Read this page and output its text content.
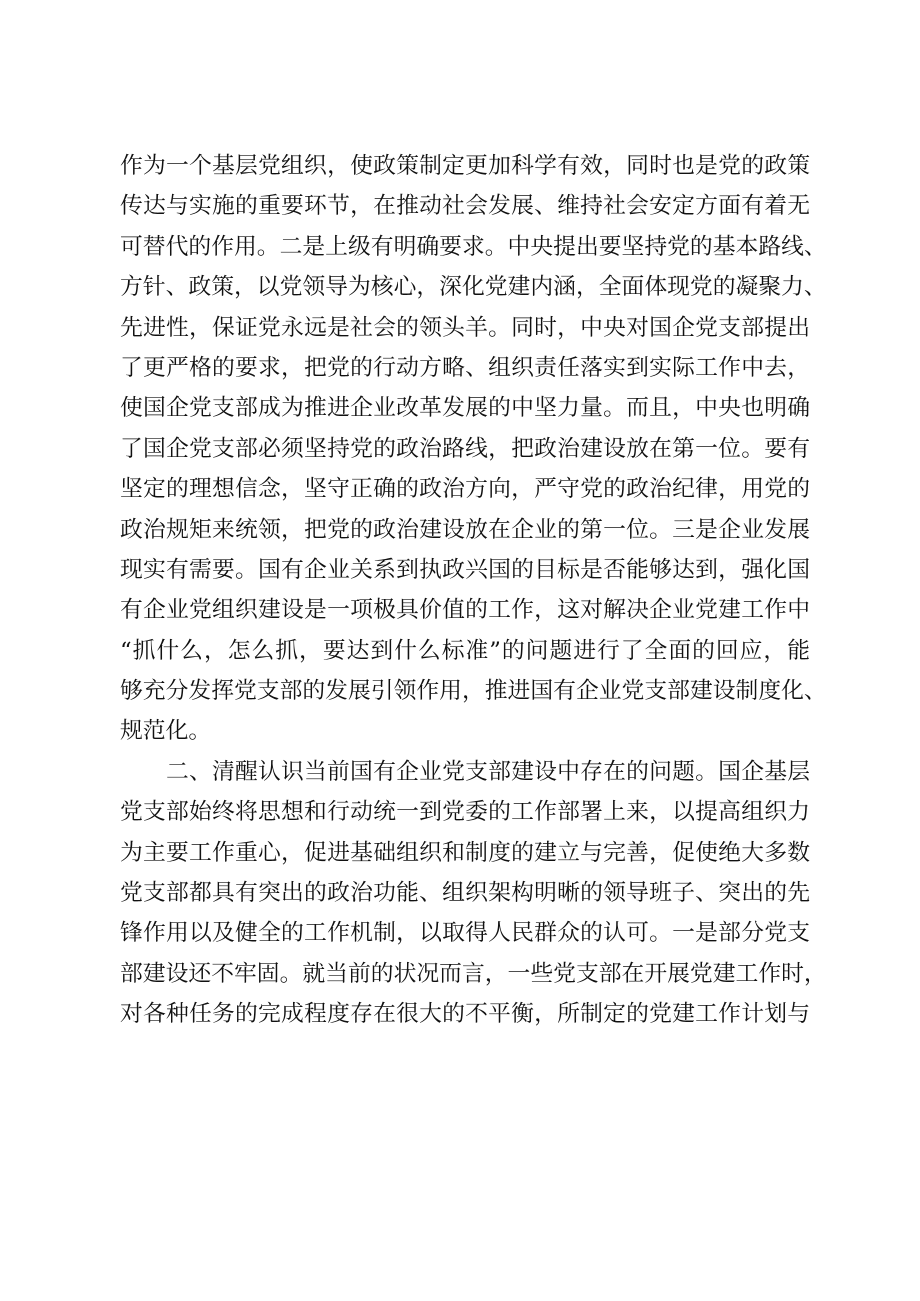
作为一个基层党组织，使政策制定更加科学有效，同时也是党的政策
传达与实施的重要环节，在推动社会发展、维持社会安定方面有着无
可替代的作用。二是上级有明确要求。中央提出要坚持党的基本路线、
方针、政策，以党领导为核心，深化党建内涵，全面体现党的凝聚力、
先进性，保证党永远是社会的领头羊。同时，中央对国企党支部提出
了更严格的要求，把党的行动方略、组织责任落实到实际工作中去，
使国企党支部成为推进企业改革发展的中坚力量。而且，中央也明确
了国企党支部必须坚持党的政治路线，把政治建设放在第一位。要有
坚定的理想信念，坚守正确的政治方向，严守党的政治纪律，用党的
政治规矩来统领，把党的政治建设放在企业的第一位。三是企业发展
现实有需要。国有企业关系到执政兴国的目标是否能够达到，强化国
有企业党组织建设是一项极具价值的工作，这对解决企业党建工作中
“抓什么，怎么抓，要达到什么标准”的问题进行了全面的回应，能
够充分发挥党支部的发展引领作用，推进国有企业党支部建设制度化、
规范化。
二、清醒认识当前国有企业党支部建设中存在的问题。国企基层
党支部始终将思想和行动统一到党委的工作部署上来，以提高组织力
为主要工作重心，促进基础组织和制度的建立与完善，促使绝大多数
党支部都具有突出的政治功能、组织架构明晰的领导班子、突出的先
锋作用以及健全的工作机制，以取得人民群众的认可。一是部分党支
部建设还不牢固。就当前的状况而言，一些党支部在开展党建工作时，
对各种任务的完成程度存在很大的不平衡，所制定的党建工作计划与
